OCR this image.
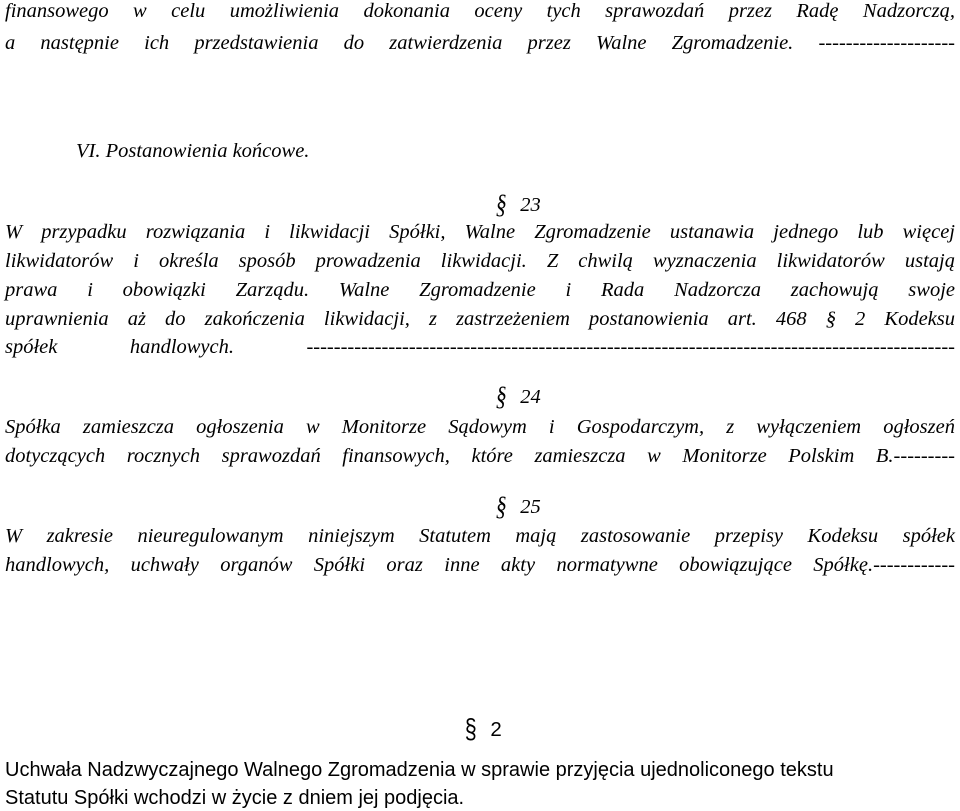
finansowego w celu umożliwienia dokonania oceny tych sprawozdań przez Radę Nadzorczą,
a następnie ich przedstawienia do zatwierdzenia przez Walne Zgromadzenie. --------------------
VI. Postanowienia końcowe.
§ 23
W przypadku rozwiązania i likwidacji Spółki, Walne Zgromadzenie ustanawia jednego lub więcej
likwidatorów i określa sposób prowadzenia likwidacji. Z chwilą wyznaczenia likwidatorów ustają
prawa i obowiązki Zarządu. Walne Zgromadzenie i Rada Nadzorcza zachowują swoje
uprawnienia aż do zakończenia likwidacji, z zastrzeżeniem postanowienia art. 468 § 2 Kodeksu
spółek handlowych. -----------------------------------------------------------------------------------------------
§ 24
Spółka zamieszcza ogłoszenia w Monitorze Sądowym i Gospodarczym, z wyłączeniem ogłoszeń
dotyczących rocznych sprawozdań finansowych, które zamieszcza w Monitorze Polskim B.---------
§ 25
W zakresie nieuregulowanym niniejszym Statutem mają zastosowanie przepisy Kodeksu spółek
handlowych, uchwały organów Spółki oraz inne akty normatywne obowiązujące Spółkę.------------
§ 2
Uchwała Nadzwyczajnego Walnego Zgromadzenia w sprawie przyjęcia ujednoliconego tekstu
Statutu Spółki wchodzi w życie z dniem jej podjęcia.
